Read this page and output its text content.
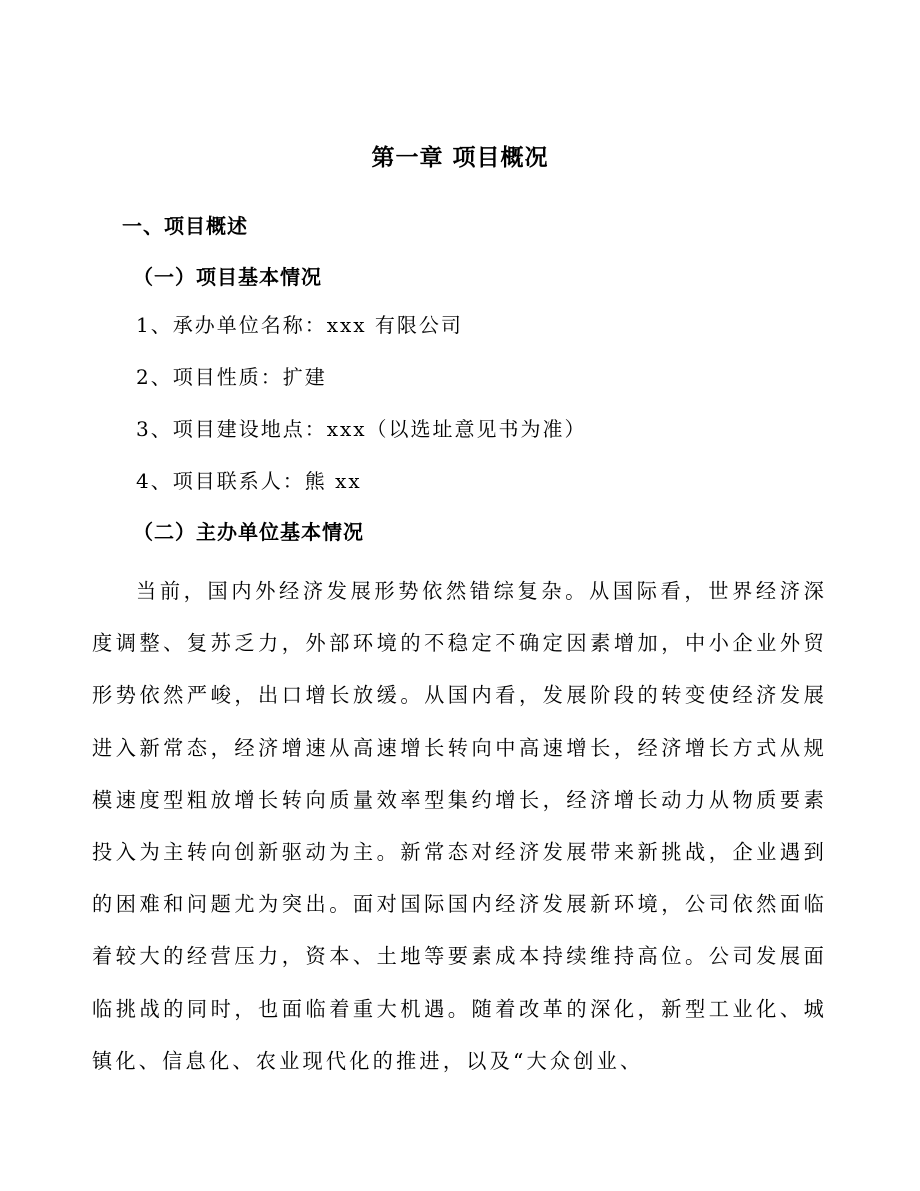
第一章 项目概况
一、项目概述
（一）项目基本情况
1、承办单位名称：xxx 有限公司
2、项目性质：扩建
3、项目建设地点：xxx（以选址意见书为准）
4、项目联系人：熊 xx
（二）主办单位基本情况

当前，国内外经济发展形势依然错综复杂。从国际看，世界经济深度调整、复苏乏力，外部环境的不稳定不确定因素增加，中小企业外贸形势依然严峻，出口增长放缓。从国内看，发展阶段的转变使经济发展进入新常态，经济增速从高速增长转向中高速增长，经济增长方式从规模速度型粗放增长转向质量效率型集约增长，经济增长动力从物质要素投入为主转向创新驱动为主。新常态对经济发展带来新挑战，企业遇到的困难和问题尤为突出。面对国际国内经济发展新环境，公司依然面临着较大的经营压力，资本、土地等要素成本持续维持高位。公司发展面临挑战的同时，也面临着重大机遇。随着改革的深化，新型工业化、城镇化、信息化、农业现代化的推进，以及“大众创业、
